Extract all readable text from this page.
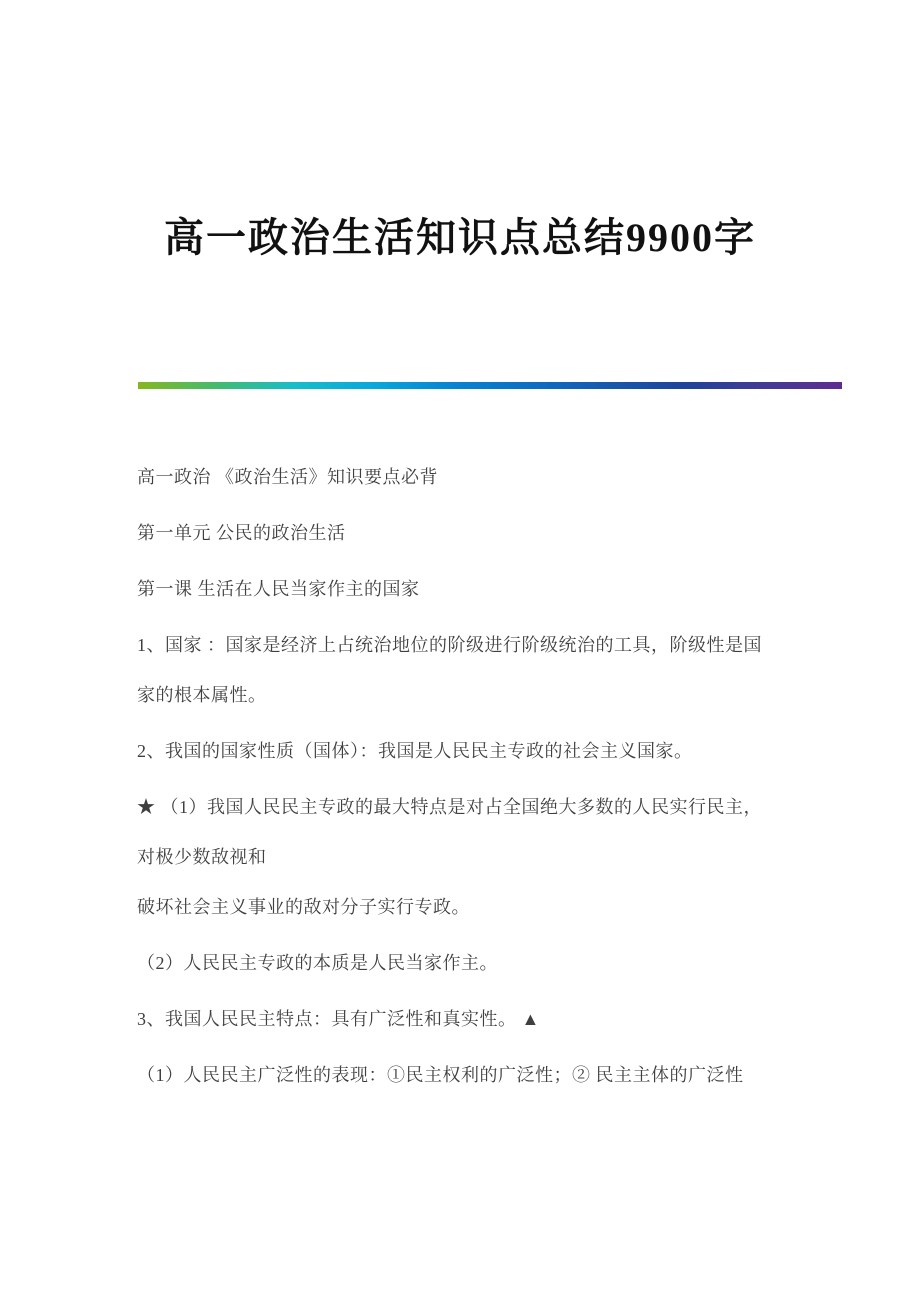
高一政治生活知识点总结9900字
高一政治 《政治生活》知识要点必背
第一单元 公民的政治生活
第一课 生活在人民当家作主的国家
1、国家 ：国家是经济上占统治地位的阶级进行阶级统治的工具，阶级性是国
家的根本属性。
2、我国的国家性质（国体）：我国是人民民主专政的社会主义国家。
★ （1）我国人民民主专政的最大特点是对占全国绝大多数的人民实行民主，
对极少数敌视和
破坏社会主义事业的敌对分子实行专政。
（2）人民民主专政的本质是人民当家作主。
3、我国人民民主特点：具有广泛性和真实性。 ▲
（1）人民民主广泛性的表现：①民主权利的广泛性；② 民主主体的广泛性
